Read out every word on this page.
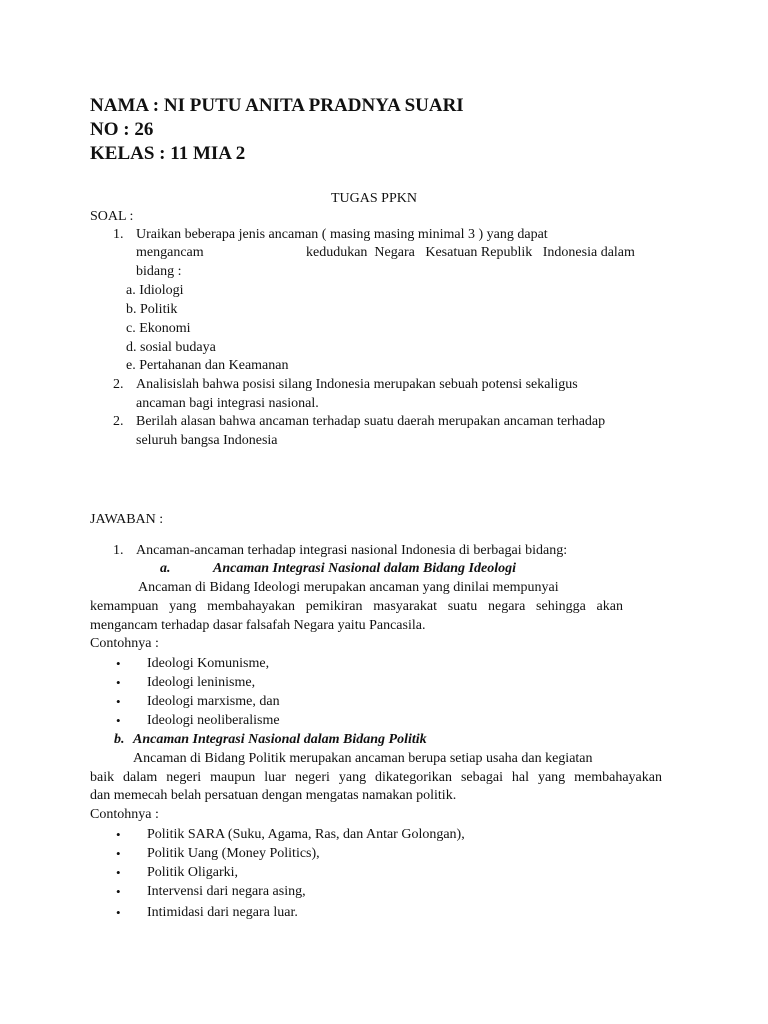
NAMA : NI PUTU ANITA PRADNYA SUARI
NO : 26
KELAS : 11 MIA 2
TUGAS PPKN
SOAL :
1. Uraikan beberapa jenis ancaman ( masing masing minimal 3 ) yang dapat
mengancam	kedudukan  Negara   Kesatuan Republik   Indonesia dalam
bidang :
a. Idiologi
b. Politik
c. Ekonomi
d. sosial budaya
e. Pertahanan dan Keamanan
2. Analisislah bahwa posisi silang Indonesia merupakan sebuah potensi sekaligus
ancaman bagi integrasi nasional.
2. Berilah alasan bahwa ancaman terhadap suatu daerah merupakan ancaman terhadap
seluruh bangsa Indonesia
JAWABAN :
1. Ancaman-ancaman terhadap integrasi nasional Indonesia di berbagai bidang:
a.	Ancaman Integrasi Nasional dalam Bidang Ideologi
Ancaman di Bidang Ideologi merupakan ancaman yang dinilai mempunyai
kemampuan yang membahayakan pemikiran masyarakat suatu negara sehingga akan
mengancam terhadap dasar falsafah Negara yaitu Pancasila.
Contohnya :
• Ideologi Komunisme,
• Ideologi leninisme,
• Ideologi marxisme, dan
• Ideologi neoliberalisme
b. Ancaman Integrasi Nasional dalam Bidang Politik
Ancaman di Bidang Politik merupakan ancaman berupa setiap usaha dan kegiatan
baik dalam negeri maupun luar negeri yang dikategorikan sebagai hal yang membahayakan
dan memecah belah persatuan dengan mengatas namakan politik.
Contohnya :
• Politik SARA (Suku, Agama, Ras, dan Antar Golongan),
• Politik Uang (Money Politics),
• Politik Oligarki,
• Intervensi dari negara asing,
• Intimidasi dari negara luar.
